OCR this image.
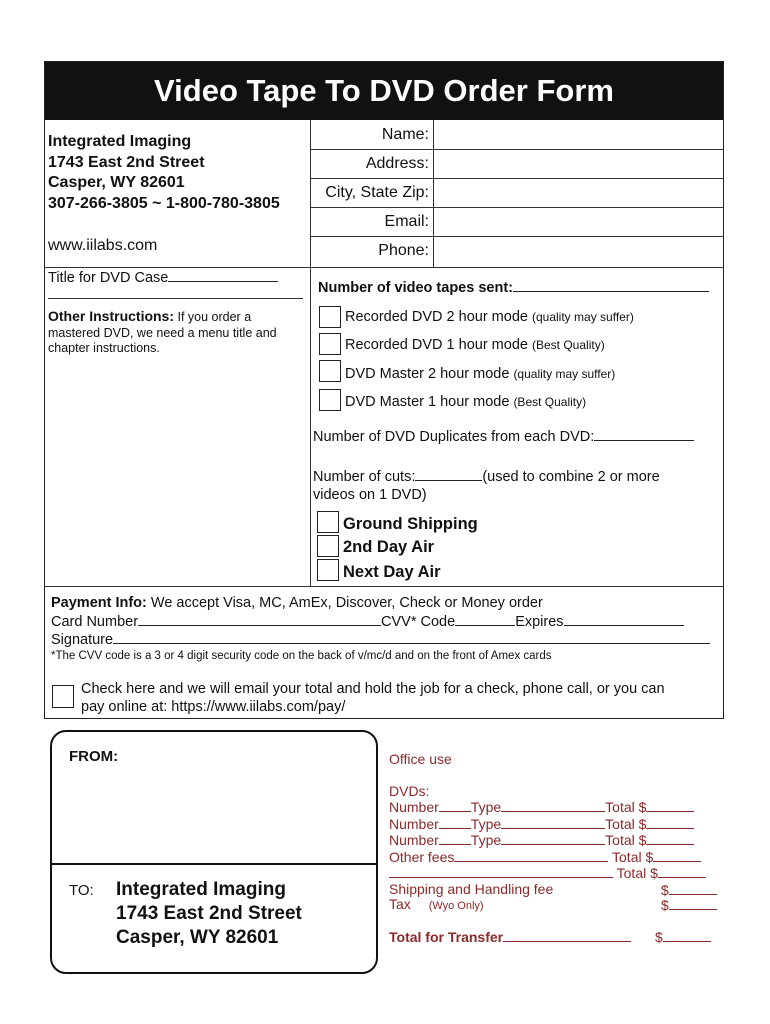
Video Tape To DVD Order Form
Integrated Imaging
1743 East 2nd Street
Casper, WY 82601
307-266-3805 ~ 1-800-780-3805
www.iilabs.com
Name:
Address:
City, State Zip:
Email:
Phone:
Title for DVD Case
Other Instructions: If you order a mastered DVD, we need a menu title and chapter instructions.
Number of video tapes sent:
Recorded DVD 2 hour mode (quality may suffer)
Recorded DVD 1 hour mode (Best Quality)
DVD Master 2 hour mode (quality may suffer)
DVD Master 1 hour mode (Best Quality)
Number of DVD Duplicates from each DVD:
Number of cuts:	(used to combine 2 or more
videos on 1 DVD)
Ground Shipping
2nd Day Air
Next Day Air
Payment Info: We accept Visa, MC, AmEx, Discover, Check or Money order
Card Number	CVV* Code	Expires
Signature
*The CVV code is a 3 or 4 digit security code on the back of v/mc/d and on the front of Amex cards
Check here and we will email your total and hold the job for a check, phone call, or you can
pay online at: https://www.iilabs.com/pay/
FROM:
TO: Integrated Imaging
1743 East 2nd Street
Casper, WY 82601
Office use
DVDs:
Number Type	Total $
Number Type	Total $
Number Type	Total $
Other fees	Total $
Total $
Shipping and Handling fee	$
Tax (Wyo Only)	$
Total for Transfer	$
